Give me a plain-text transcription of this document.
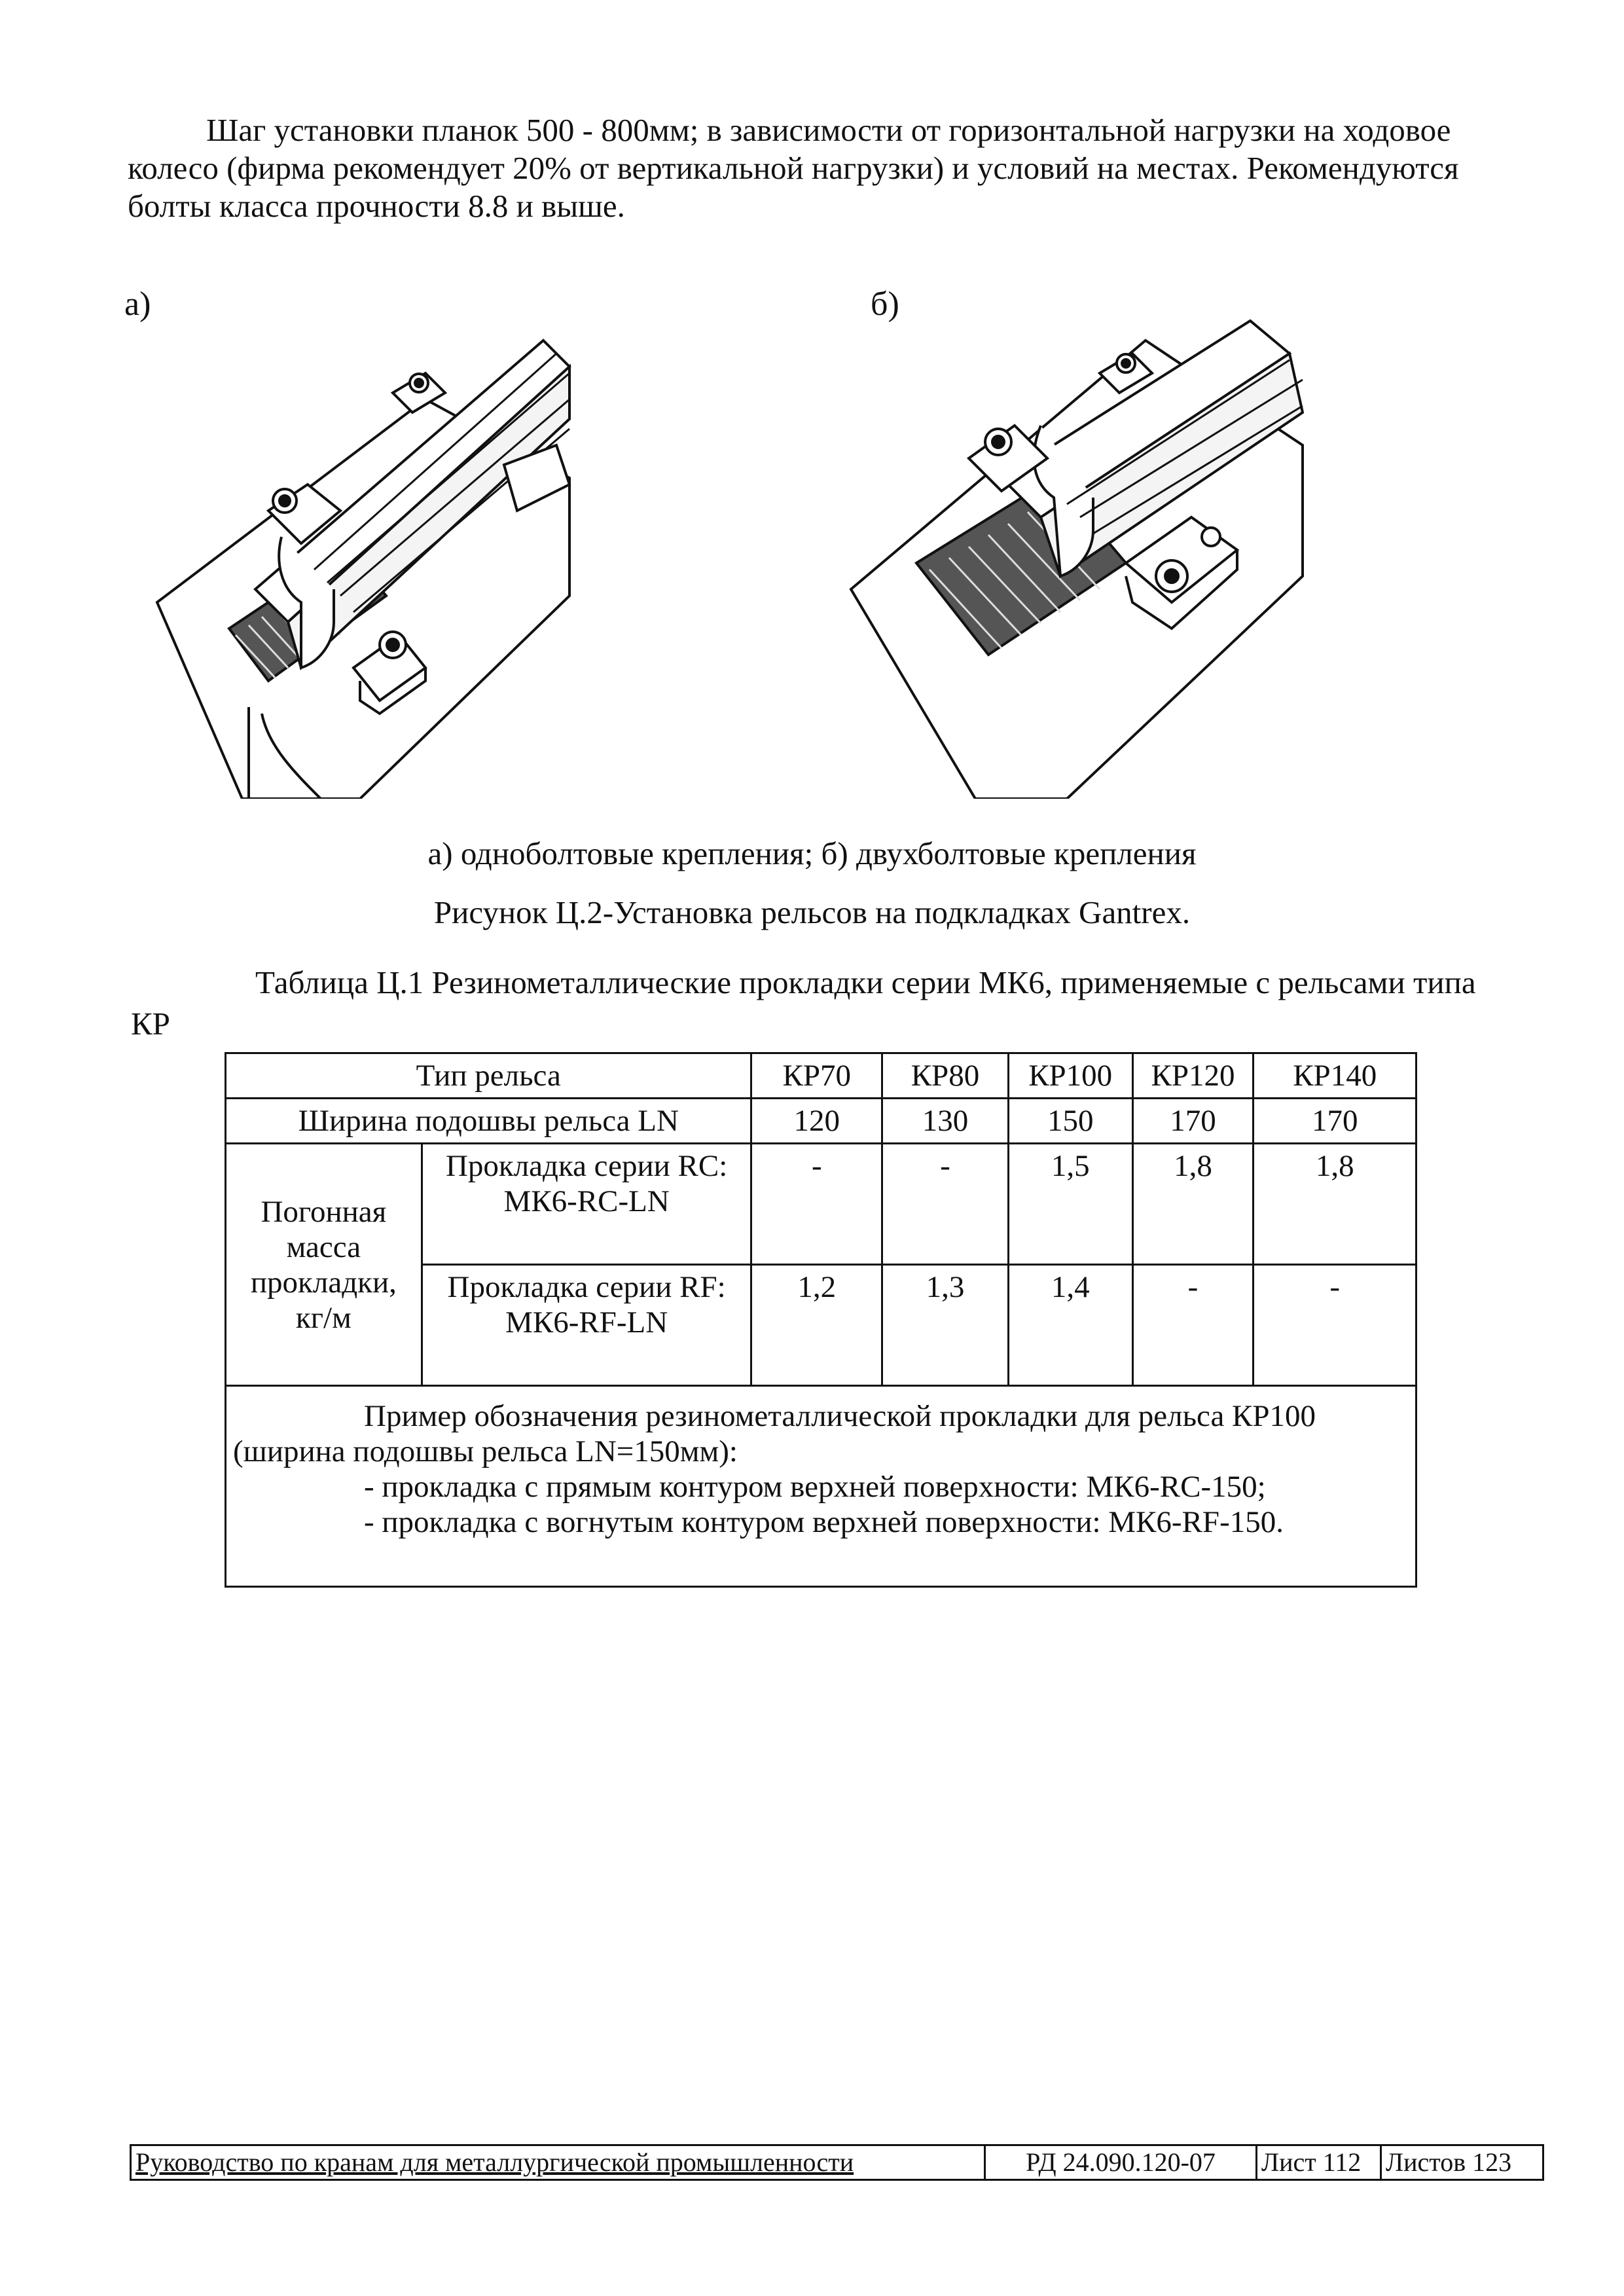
Шаг установки планок 500 - 800мм; в зависимости от горизонтальной нагрузки на ходовое

колесо (фирма рекомендует 20% от вертикальной нагрузки) и условий на местах. Рекомендуются

болты класса прочности 8.8 и выше.

а)	б)
а) одноболтовые крепления; б) двухболтовые крепления
Рисунок Ц.2-Установка рельсов на подкладках Gantrex.
Таблица Ц.1 Резинометаллические прокладки серии МК6, применяемые с рельсами типа
КР
Тип рельса		КР70	КР80	КР100	КР120	КР140
Ширина подошвы рельса LN		120	130	150	170	170
Погонная масса прокладки, кг/м	Прокладка серии RC:
МК6-RC-LN	-	-	1,5	1,8	1,8

	Прокладка серии RF:
МК6-RF-LN	1,2	1,3	1,4	-	-

Пример обозначения резинометаллической прокладки для рельса КР100
(ширина подошвы рельса LN=150мм):
- прокладка с прямым контуром верхней поверхности: МК6-RC-150;
- прокладка с вогнутым контуром верхней поверхности: МК6-RF-150.						
Руководство по кранам для металлургической промышленности	РД 24.090.120-07	Лист 112 Листов 123
